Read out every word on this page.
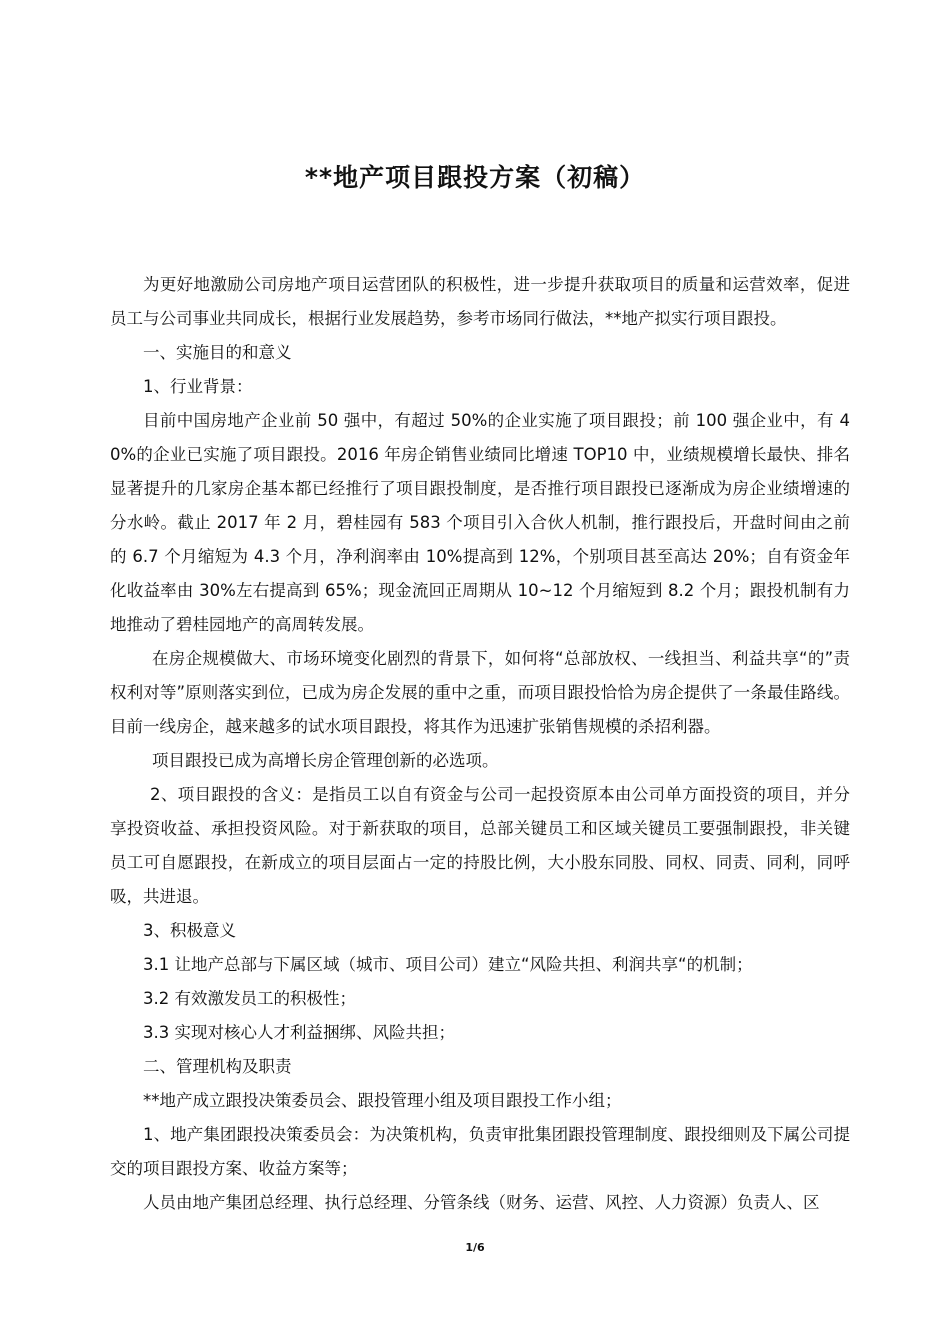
**地产项目跟投方案（初稿）

为更好地激励公司房地产项目运营团队的积极性，进一步提升获取项目的质量和运营效率，促进员工与公司事业共同成长，根据行业发展趋势，参考市场同行做法，**地产拟实行项目跟投。

一、实施目的和意义

1、行业背景：

目前中国房地产企业前 50 强中，有超过 50%的企业实施了项目跟投；前 100 强企业中，有 40%的企业已实施了项目跟投。2016 年房企销售业绩同比增速 TOP10 中，业绩规模增长最快、排名显著提升的几家房企基本都已经推行了项目跟投制度，是否推行项目跟投已逐渐成为房企业绩增速的分水岭。截止 2017 年 2 月，碧桂园有 583 个项目引入合伙人机制，推行跟投后，开盘时间由之前的 6.7 个月缩短为 4.3 个月，净利润率由 10%提高到 12%，个别项目甚至高达 20%；自有资金年化收益率由 30%左右提高到 65%；现金流回正周期从 10~12 个月缩短到 8.2 个月；跟投机制有力地推动了碧桂园地产的高周转发展。

在房企规模做大、市场环境变化剧烈的背景下，如何将“总部放权、一线担当、利益共享“的”责权利对等”原则落实到位，已成为房企发展的重中之重，而项目跟投恰恰为房企提供了一条最佳路线。目前一线房企，越来越多的试水项目跟投，将其作为迅速扩张销售规模的杀招利器。

项目跟投已成为高增长房企管理创新的必选项。

2、项目跟投的含义：是指员工以自有资金与公司一起投资原本由公司单方面投资的项目，并分享投资收益、承担投资风险。对于新获取的项目，总部关键员工和区域关键员工要强制跟投，非关键员工可自愿跟投，在新成立的项目层面占一定的持股比例，大小股东同股、同权、同责、同利，同呼吸，共进退。

3、积极意义

3.1 让地产总部与下属区域（城市、项目公司）建立“风险共担、利润共享“的机制；

3.2 有效激发员工的积极性；

3.3 实现对核心人才利益捆绑、风险共担；

二、管理机构及职责

**地产成立跟投决策委员会、跟投管理小组及项目跟投工作小组；

1、地产集团跟投决策委员会：为决策机构，负责审批集团跟投管理制度、跟投细则及下属公司提交的项目跟投方案、收益方案等；

人员由地产集团总经理、执行总经理、分管条线（财务、运营、风控、人力资源）负责人、区

1/6
